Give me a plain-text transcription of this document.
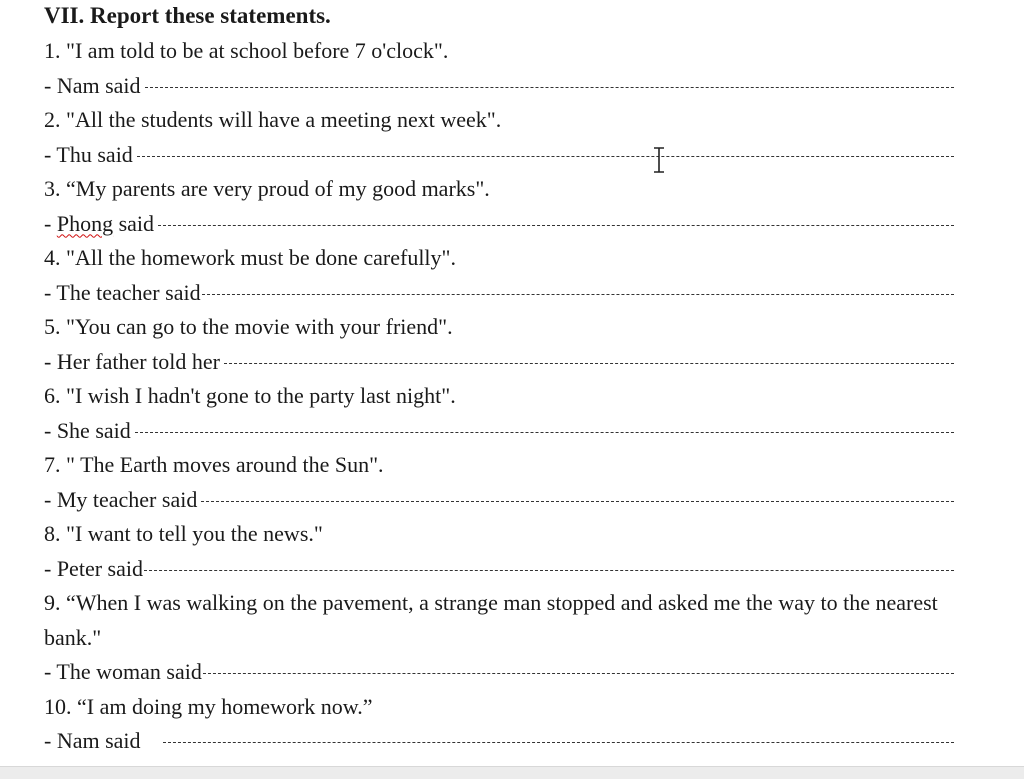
VII. Report these statements.
1. "I am told to be at school before 7 o'clock".
- Nam said
2. "All the students will have a meeting next week".
- Thu said
3. “My parents are very proud of my good marks".
- Phong said
4. "All the homework must be done carefully".
- The teacher said
5. "You can go to the movie with your friend".
- Her father told her
6. "I wish I hadn't gone to the party last night".
- She said
7. " The Earth moves around the Sun".
- My teacher said
8. "I want to tell you the news."
- Peter said
9. “When I was walking on the pavement, a strange man stopped and asked me the way to the nearest bank."
- The woman said
10. “I am doing my homework now.”
- Nam said
